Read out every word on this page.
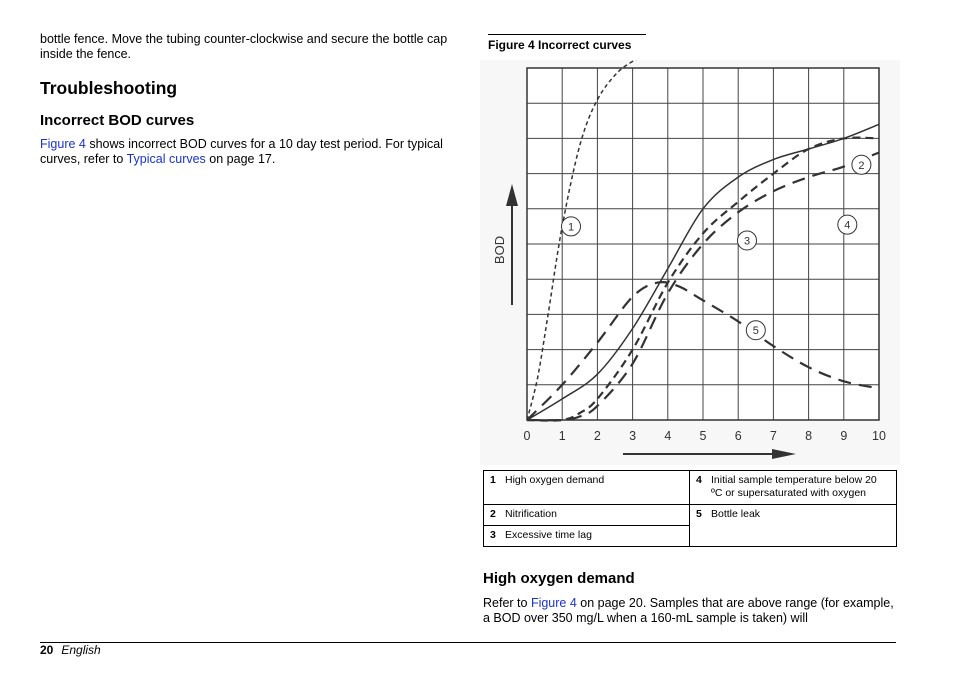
bottle fence. Move the tubing counter-clockwise and secure the bottle cap inside the fence.
Troubleshooting
Incorrect BOD curves
Figure 4 shows incorrect BOD curves for a 10 day test period. For typical curves, refer to Typical curves on page 17.
Figure 4 Incorrect curves
1
2
3
4
5
0 1 2 3 4 5 6 7 8 9 10
BOD
1 High oxygen demand	4 Initial sample temperature below 20 ºC or supersaturated with oxygen
2 Nitrification	5 Bottle leak
3 Excessive time lag	
High oxygen demand
Refer to Figure 4 on page 20. Samples that are above range (for example, a BOD over 350 mg/L when a 160-mL sample is taken) will
20 English
